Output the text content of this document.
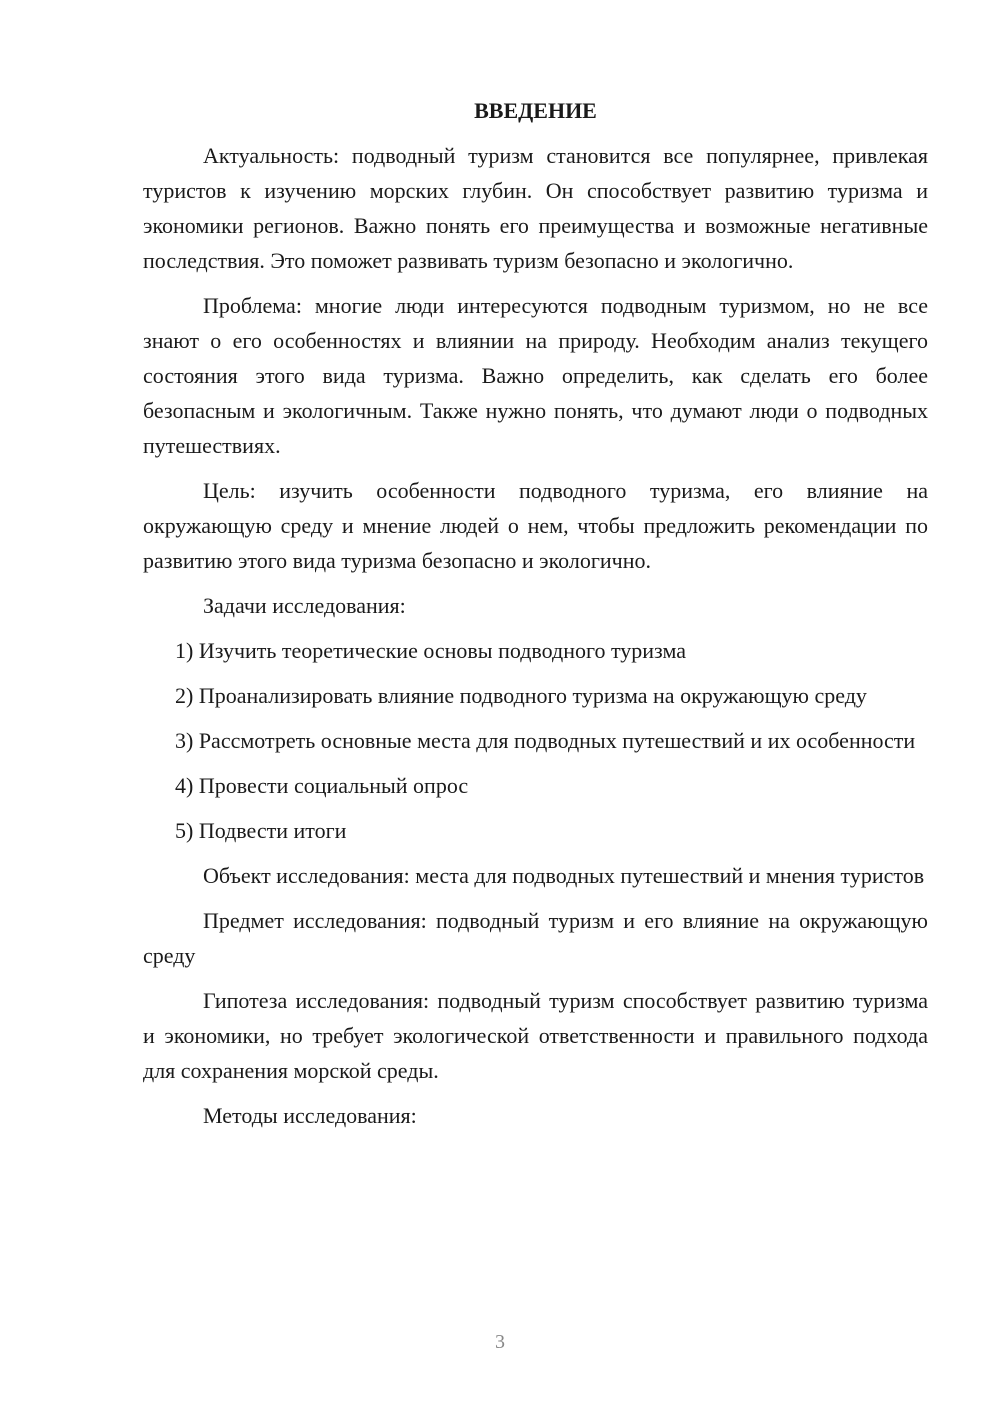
ВВЕДЕНИЕ

Актуальность: подводный туризм становится все популярнее, привлекая туристов к изучению морских глубин. Он способствует развитию туризма и экономики регионов. Важно понять его преимущества и возможные негативные последствия. Это поможет развивать туризм безопасно и экологично.

Проблема: многие люди интересуются подводным туризмом, но не все знают о его особенностях и влиянии на природу. Необходим анализ текущего состояния этого вида туризма. Важно определить, как сделать его более безопасным и экологичным. Также нужно понять, что думают люди о подводных путешествиях.

Цель: изучить особенности подводного туризма, его влияние на окружающую среду и мнение людей о нем, чтобы предложить рекомендации по развитию этого вида туризма безопасно и экологично.

Задачи исследования:

1) Изучить теоретические основы подводного туризма

2) Проанализировать влияние подводного туризма на окружающую среду

3) Рассмотреть основные места для подводных путешествий и их особенности

4) Провести социальный опрос

5) Подвести итоги

Объект исследования: места для подводных путешествий и мнения туристов

Предмет исследования: подводный туризм и его влияние на окружающую среду

Гипотеза исследования: подводный туризм способствует развитию туризма и экономики, но требует экологической ответственности и правильного подхода для сохранения морской среды.

Методы исследования:

3
